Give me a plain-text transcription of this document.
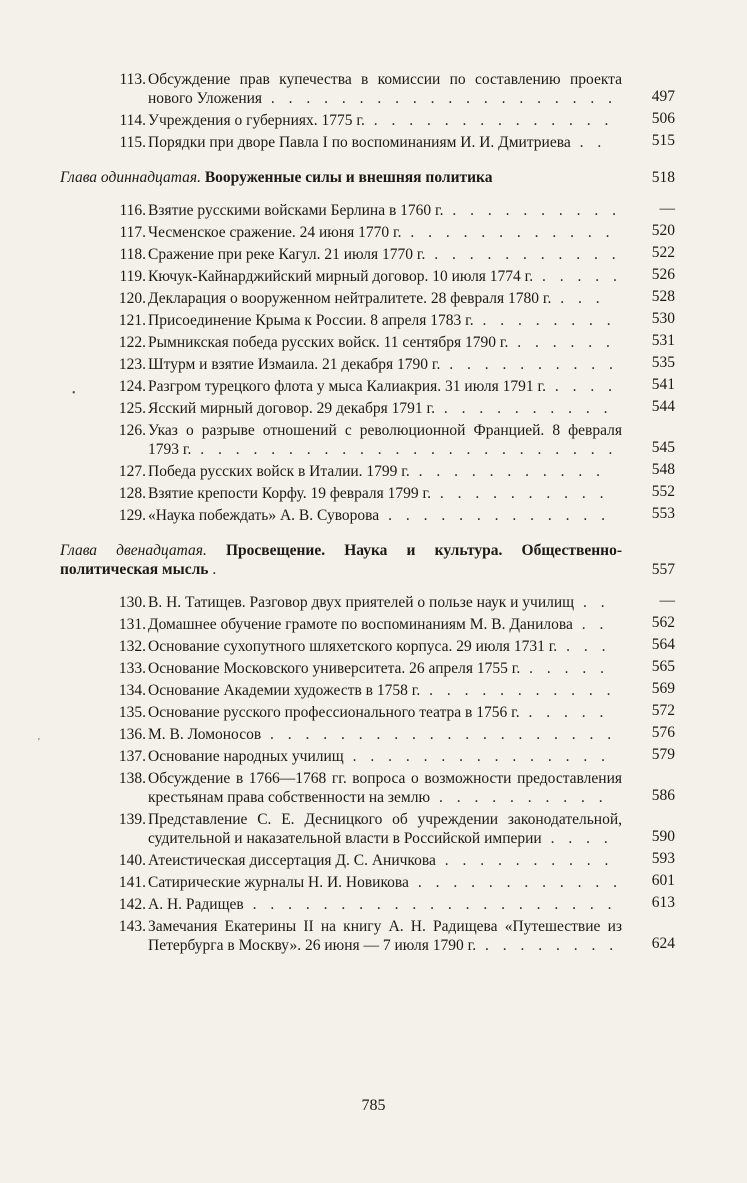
113. Обсуждение прав купечества в комиссии по составлению проекта нового Уложения . . . . . . . . . . . . . . . . . . . .	497
114. Учреждения о губерниях. 1775 г. . . . . . . . . . . . . . .	506
115. Порядки при дворе Павла I по воспоминаниям И. И. Дмитриева . .	515
Глава одиннадцатая. Вооруженные силы и внешняя политика	518
116. Взятие русскими войсками Берлина в 1760 г. . . . . . . . . . .	—
117. Чесменское сражение. 24 июня 1770 г. . . . . . . . . . . . .	520
118. Сражение при реке Кагул. 21 июля 1770 г. . . . . . . . . . . .	522
119. Кючук-Кайнарджийский мирный договор. 10 июля 1774 г. . . . . .	526
120. Декларация о вооруженном нейтралитете. 28 февраля 1780 г. . . .	528
121. Присоединение Крыма к России. 8 апреля 1783 г. . . . . . . . .	530
122. Рымникская победа русских войск. 11 сентября 1790 г. . . . . . .	531
123. Штурм и взятие Измаила. 21 декабря 1790 г. . . . . . . . . . .	535
124. Разгром турецкого флота у мыса Калиакрия. 31 июля 1791 г. . . . .	541
125. Ясский мирный договор. 29 декабря 1791 г. . . . . . . . . . .	544
126. Указ о разрыве отношений с революционной Францией. 8 февраля 1793 г. . . . . . . . . . . . . . . . . . . . . . . . .	545
127. Победа русских войск в Италии. 1799 г. . . . . . . . . . . .	548
128. Взятие крепости Корфу. 19 февраля 1799 г. . . . . . . . . . .	552
129. «Наука побеждать» А. В. Суворова . . . . . . . . . . . . .	553
Глава двенадцатая. Просвещение. Наука и культура. Общественно-политическая мысль .	557
130. В. Н. Татищев. Разговор двух приятелей о пользе наук и училищ . .	—
131. Домашнее обучение грамоте по воспоминаниям М. В. Данилова . .	562
132. Основание сухопутного шляхетского корпуса. 29 июля 1731 г. . . .	564
133. Основание Московского университета. 26 апреля 1755 г. . . . . .	565
134. Основание Академии художеств в 1758 г. . . . . . . . . . . .	569
135. Основание русского профессионального театра в 1756 г. . . . . .	572
136. М. В. Ломоносов . . . . . . . . . . . . . . . . . . . .	576
137. Основание народных училищ . . . . . . . . . . . . . . .	579
138. Обсуждение в 1766—1768 гг. вопроса о возможности предоставления крестьянам права собственности на землю . . . . . . . . . .	586
139. Представление С. Е. Десницкого об учреждении законодательной, судительной и наказательной власти в Российской империи . . . .	590
140. Атеистическая диссертация Д. С. Аничкова . . . . . . . . . .	593
141. Сатирические журналы Н. И. Новикова . . . . . . . . . . . .	601
142. А. Н. Радищев . . . . . . . . . . . . . . . . . . . . .	613
143. Замечания Екатерины II на книгу А. Н. Радищева «Путешествие из Петербурга в Москву». 26 июня — 7 июля 1790 г. . . . . . . . .	624
•
'
785
